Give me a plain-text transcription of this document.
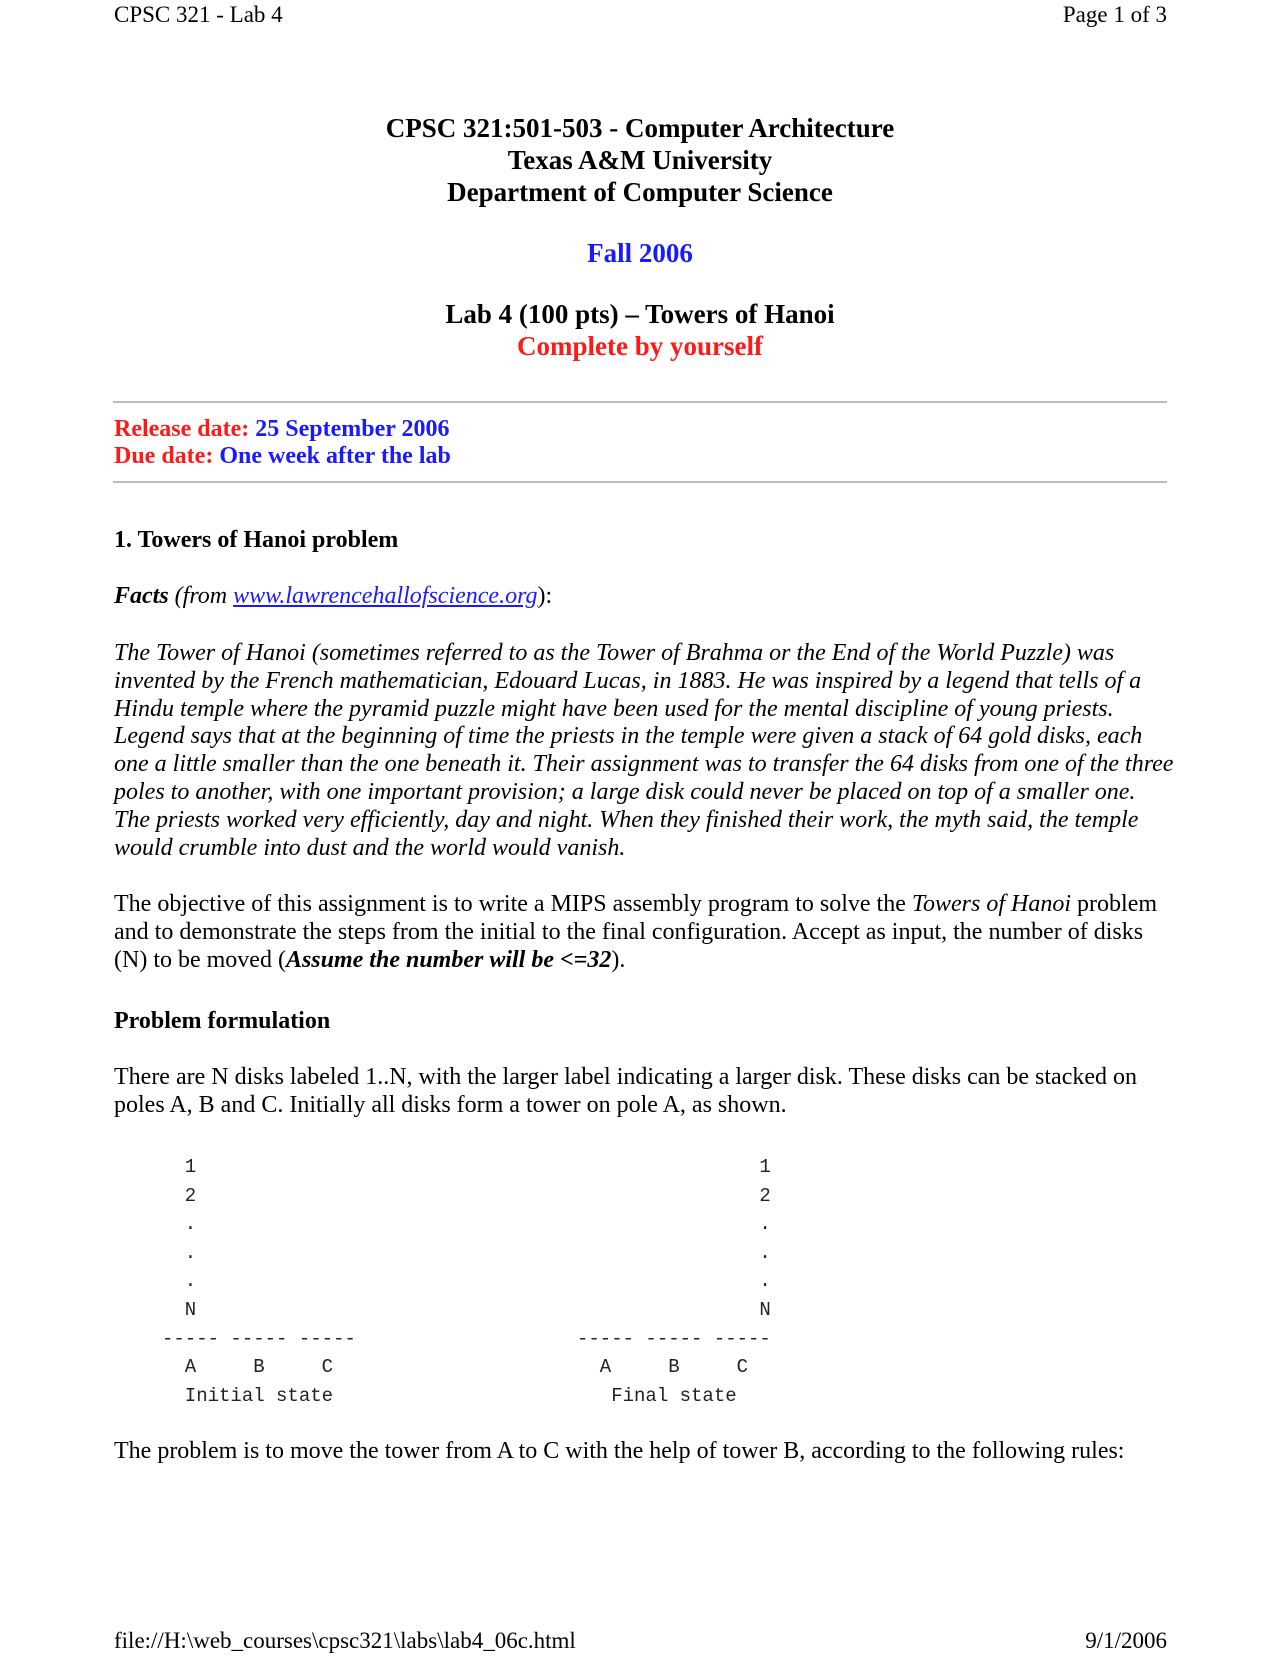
CPSC 321 - Lab 4	Page 1 of 3
CPSC 321:501-503 - Computer Architecture
Texas A&M University
Department of Computer Science
Fall 2006
Lab 4 (100 pts) – Towers of Hanoi
Complete by yourself
Release date: 25 September 2006
Due date: One week after the lab
1. Towers of Hanoi problem

Facts (from www.lawrencehallofscience.org):

The Tower of Hanoi (sometimes referred to as the Tower of Brahma or the End of the World Puzzle) was invented by the French mathematician, Edouard Lucas, in 1883. He was inspired by a legend that tells of a Hindu temple where the pyramid puzzle might have been used for the mental discipline of young priests. Legend says that at the beginning of time the priests in the temple were given a stack of 64 gold disks, each one a little smaller than the one beneath it. Their assignment was to transfer the 64 disks from one of the three poles to another, with one important provision; a large disk could never be placed on top of a smaller one. The priests worked very efficiently, day and night. When they finished their work, the myth said, the temple would crumble into dust and the world would vanish.

The objective of this assignment is to write a MIPS assembly program to solve the Towers of Hanoi problem and to demonstrate the steps from the initial to the final configuration. Accept as input, the number of disks (N) to be moved (Assume the number will be <=32).

Problem formulation

There are N disks labeled 1..N, with the larger label indicating a larger disk. These disks can be stacked on poles A, B and C. Initially all disks form a tower on pole A, as shown.

1
2
.
.
.
N
----- ----- -----
A     B     C
Initial state
1
2
.
.
.
N
----- ----- -----
A     B     C
Final state

The problem is to move the tower from A to C with the help of tower B, according to the following rules:

file://H:\web_courses\cpsc321\labs\lab4_06c.html	9/1/2006
